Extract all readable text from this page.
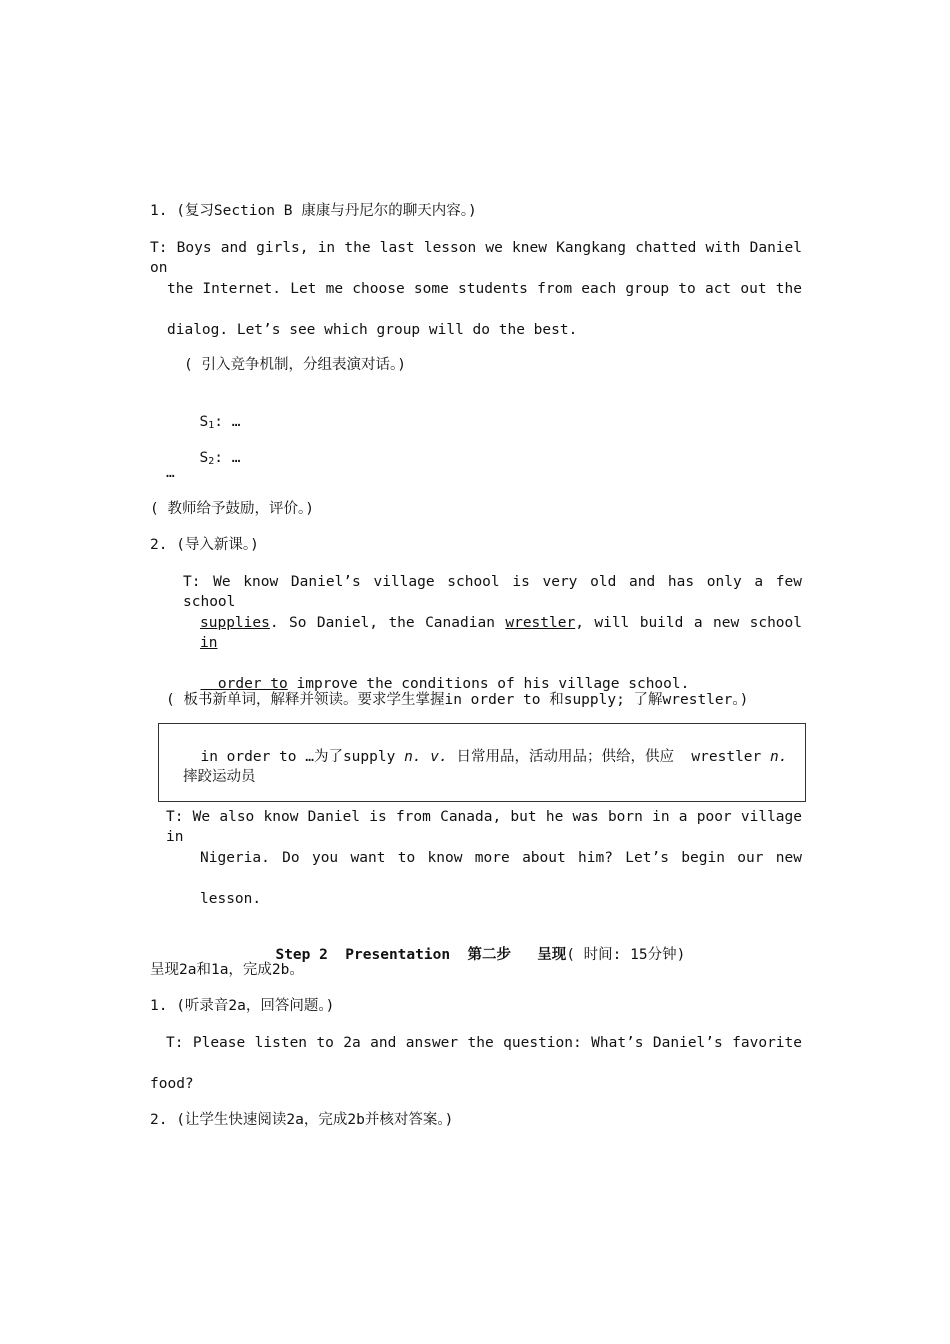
1. (复习Section B 康康与丹尼尔的聊天内容。)
T: Boys and girls, in the last lesson we knew Kangkang chatted with Daniel on
the Internet. Let me choose some students from each group to act out the
dialog. Let’s see which group will do the best.
( 引入竞争机制，分组表演对话。)

$S_1$: …

$S_2$: …

…
( 教师给予鼓励，评价。)
2. (导入新课。)
T: We know Daniel’s village school is very old and has only a few school
supplies. So Daniel, the Canadian wrestler, will build a new school in

order to improve the conditions of his village school.

( 板书新单词，解释并领读。要求学生掌握in order to 和supply; 了解wrestler。)

in order to …为了supply n. v. 日常用品，活动用品；供给，供应  wrestler n.

摔跤运动员
T: We also know Daniel is from Canada, but he was born in a poor village in
Nigeria. Do you want to know more about him? Let’s begin our new
lesson.

Step 2  Presentation  第二步   呈现( 时间: 15分钟)

呈现2a和1a，完成2b。
1. (听录音2a，回答问题。)
T: Please listen to 2a and answer the question: What’s Daniel’s favorite
food?
2. (让学生快速阅读2a，完成2b并核对答案。)
